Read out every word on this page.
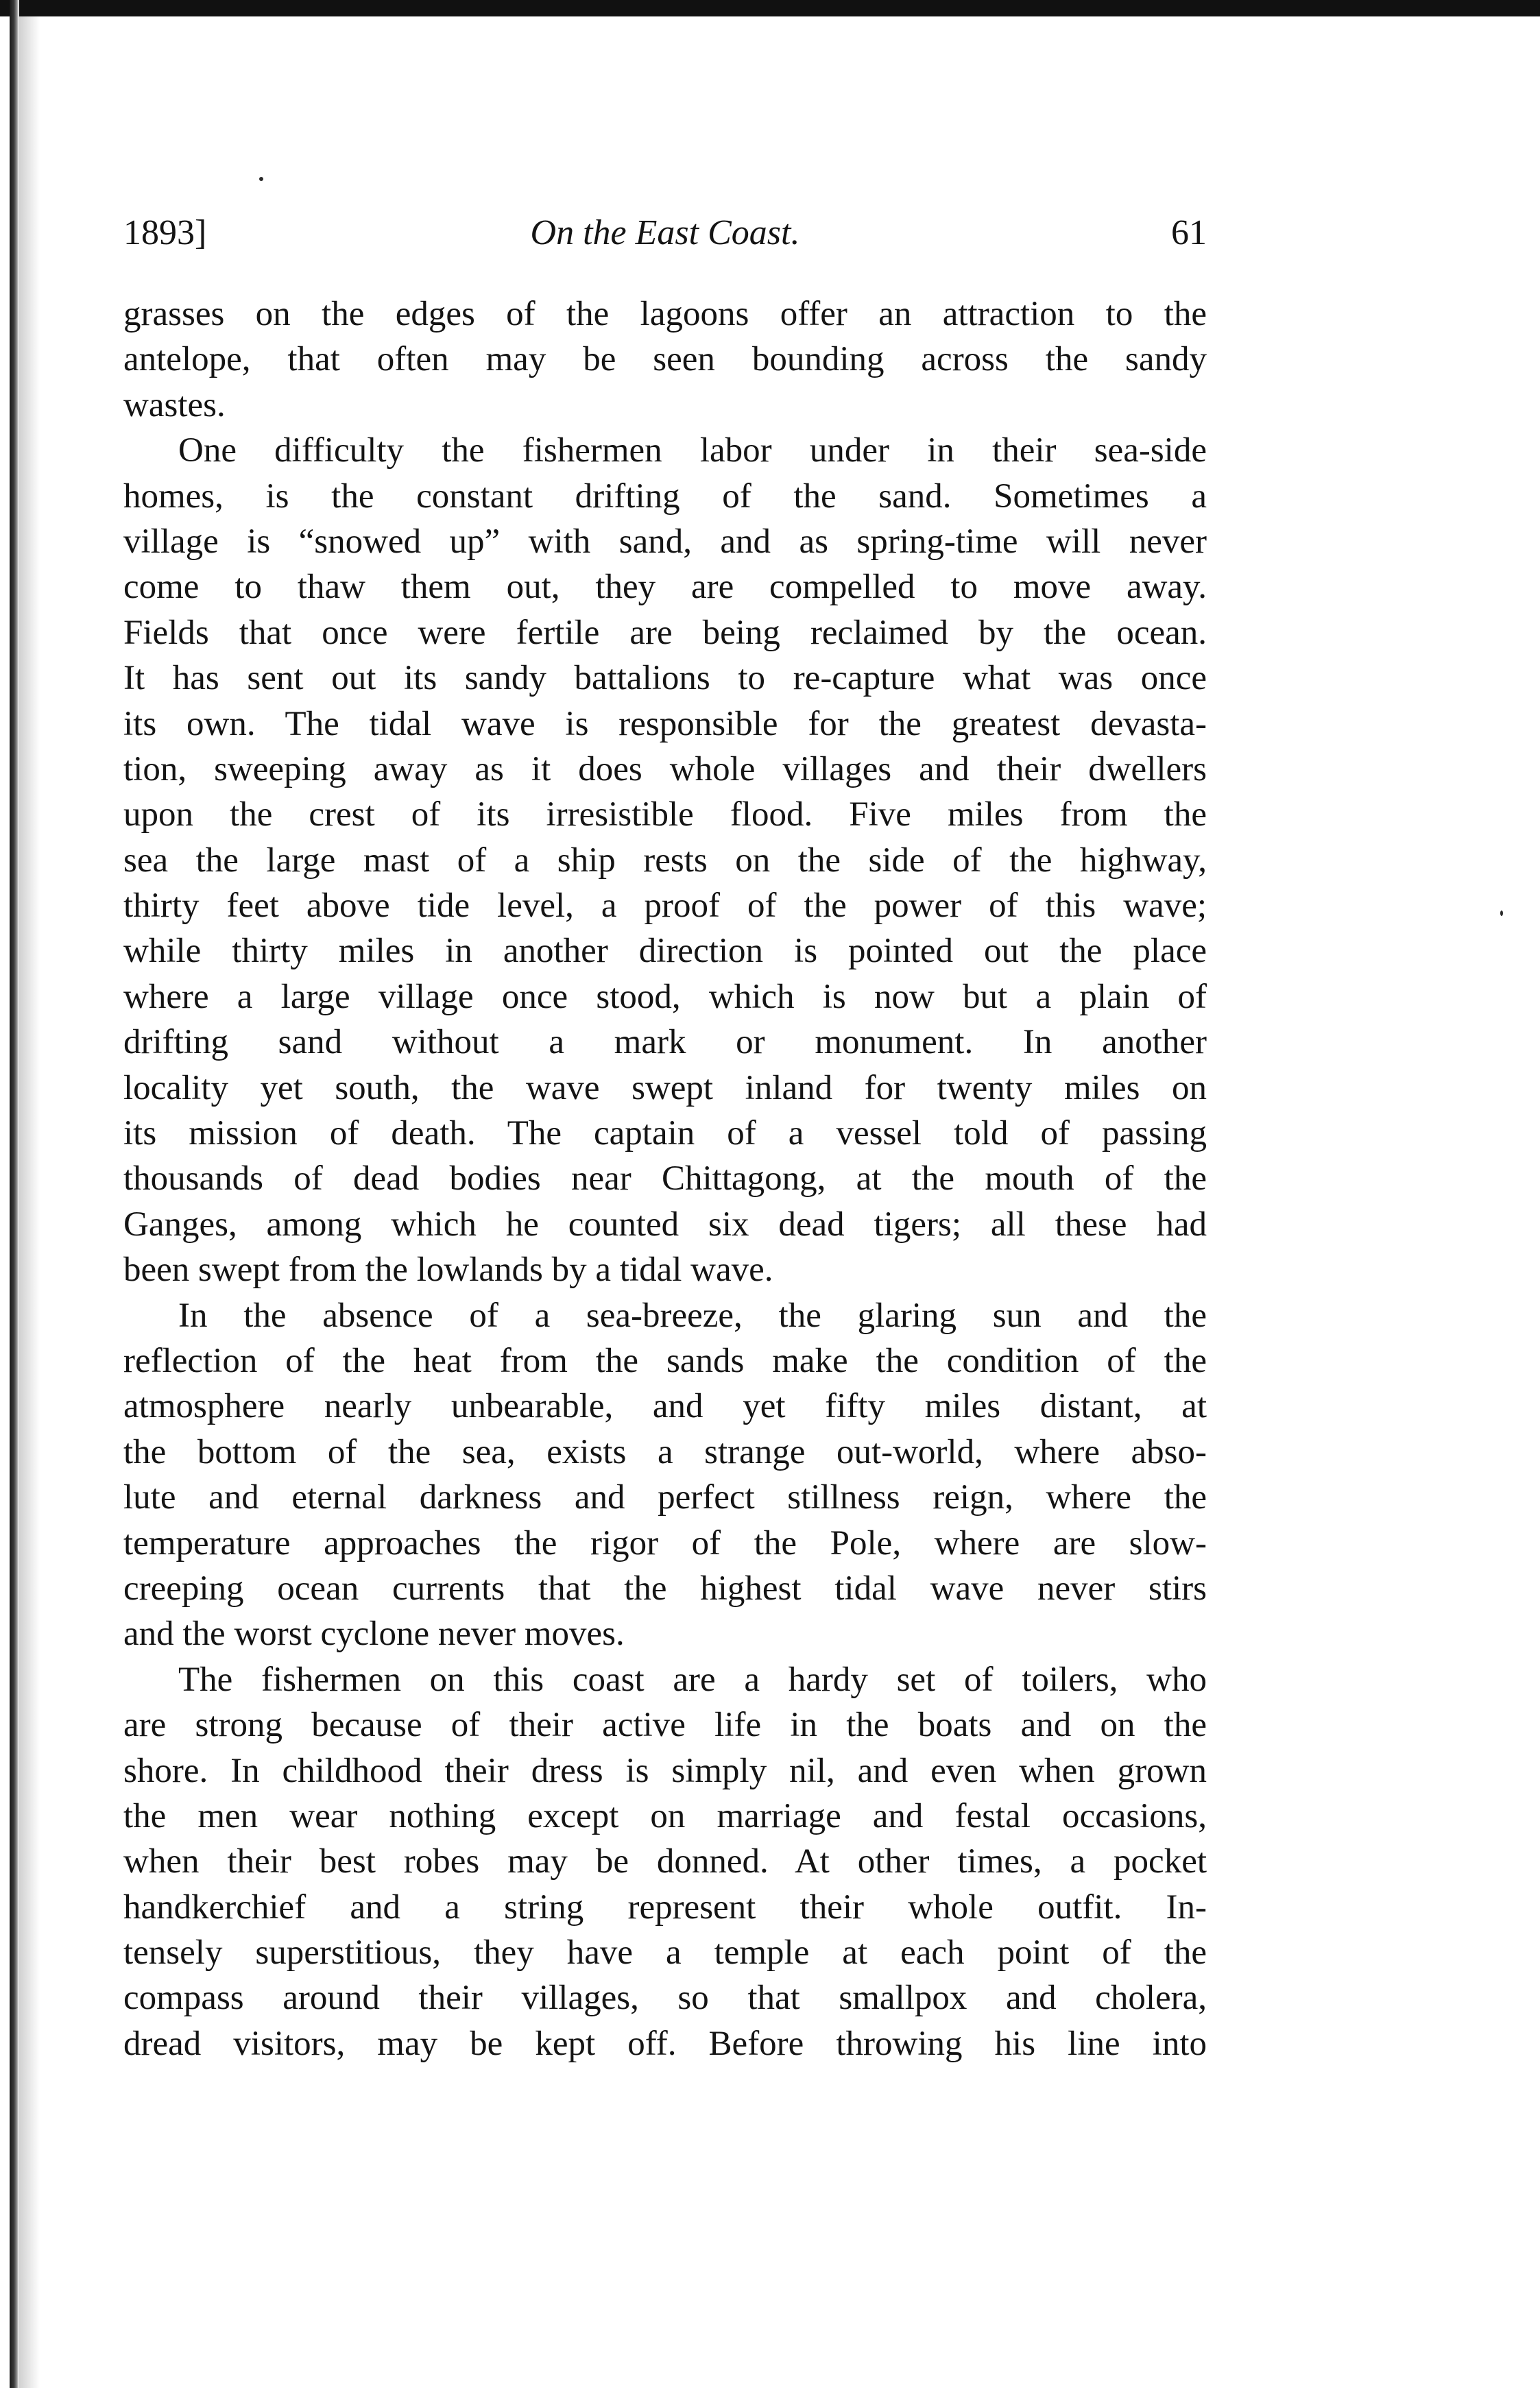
1893]	On the East Coast.	61
grasses on the edges of the lagoons offer an attraction to the
antelope, that often may be seen bounding across the sandy
wastes.
One difficulty the fishermen labor under in their sea-side
homes, is the constant drifting of the sand. Sometimes a
village is “snowed up” with sand, and as spring-time will never
come to thaw them out, they are compelled to move away.
Fields that once were fertile are being reclaimed by the ocean.
It has sent out its sandy battalions to re-capture what was once
its own. The tidal wave is responsible for the greatest devasta-
tion, sweeping away as it does whole villages and their dwellers
upon the crest of its irresistible flood. Five miles from the
sea the large mast of a ship rests on the side of the highway,
thirty feet above tide level, a proof of the power of this wave;
while thirty miles in another direction is pointed out the place
where a large village once stood, which is now but a plain of
drifting sand without a mark or monument. In another
locality yet south, the wave swept inland for twenty miles on
its mission of death. The captain of a vessel told of passing
thousands of dead bodies near Chittagong, at the mouth of the
Ganges, among which he counted six dead tigers; all these had
been swept from the lowlands by a tidal wave.
In the absence of a sea-breeze, the glaring sun and the
reflection of the heat from the sands make the condition of the
atmosphere nearly unbearable, and yet fifty miles distant, at
the bottom of the sea, exists a strange out-world, where abso-
lute and eternal darkness and perfect stillness reign, where the
temperature approaches the rigor of the Pole, where are slow-
creeping ocean currents that the highest tidal wave never stirs
and the worst cyclone never moves.
The fishermen on this coast are a hardy set of toilers, who
are strong because of their active life in the boats and on the
shore. In childhood their dress is simply nil, and even when grown
the men wear nothing except on marriage and festal occasions,
when their best robes may be donned. At other times, a pocket
handkerchief and a string represent their whole outfit. In-
tensely superstitious, they have a temple at each point of the
compass around their villages, so that smallpox and cholera,
dread visitors, may be kept off. Before throwing his line into
